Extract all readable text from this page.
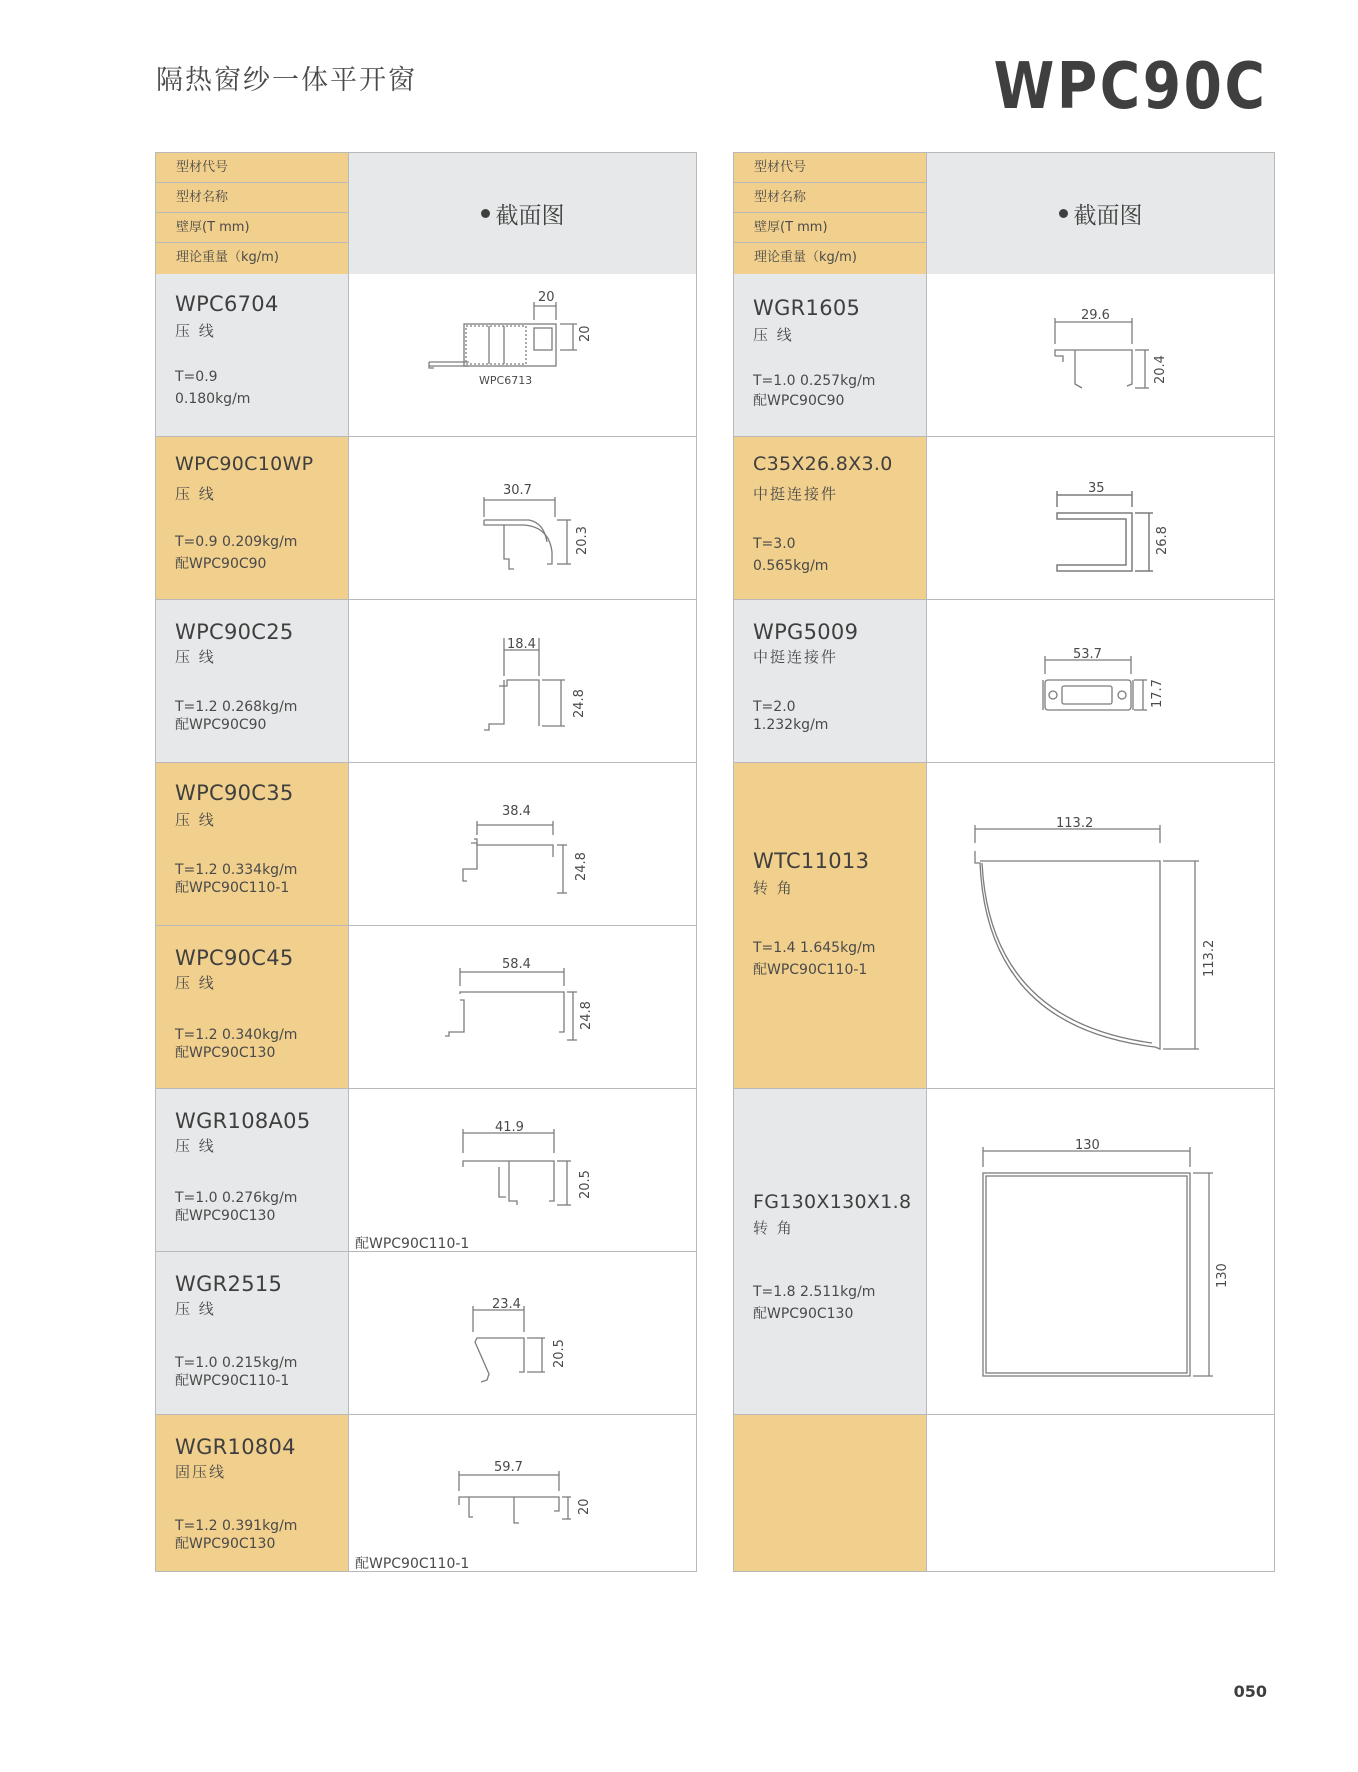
隔热窗纱一体平开窗	WPC90C
型材代号
型材名称
壁厚(T mm)
理论重量（kg/m)
截面图
WPC6704
压 线
T=0.9
0.180kg/m
20
20
WPC6713
WPC90C10WP
压 线
T=0.9 0.209kg/m
配WPC90C90
30.7
20.3
WPC90C25
压 线
T=1.2 0.268kg/m
配WPC90C90
18.4
24.8
WPC90C35
压 线
T=1.2 0.334kg/m
配WPC90C110-1
38.4
24.8
WPC90C45
压 线
T=1.2 0.340kg/m
配WPC90C130
58.4
24.8
WGR108A05
压 线
T=1.0 0.276kg/m
配WPC90C130
41.9
20.5
配WPC90C110-1
WGR2515
压 线
T=1.0 0.215kg/m
配WPC90C110-1
23.4
20.5
WGR10804
固压线
T=1.2 0.391kg/m
配WPC90C130
59.7
20
配WPC90C110-1
型材代号
型材名称
壁厚(T mm)
理论重量（kg/m)
截面图
WGR1605
压 线
T=1.0 0.257kg/m
配WPC90C90
29.6
20.4
C35X26.8X3.0
中挺连接件
T=3.0
0.565kg/m
35
26.8
WPG5009
中挺连接件
T=2.0
1.232kg/m
53.7
17.7
WTC11013
转 角
T=1.4 1.645kg/m
配WPC90C110-1
113.2
113.2
FG130X130X1.8
转 角
T=1.8 2.511kg/m
配WPC90C130
130
130
050
